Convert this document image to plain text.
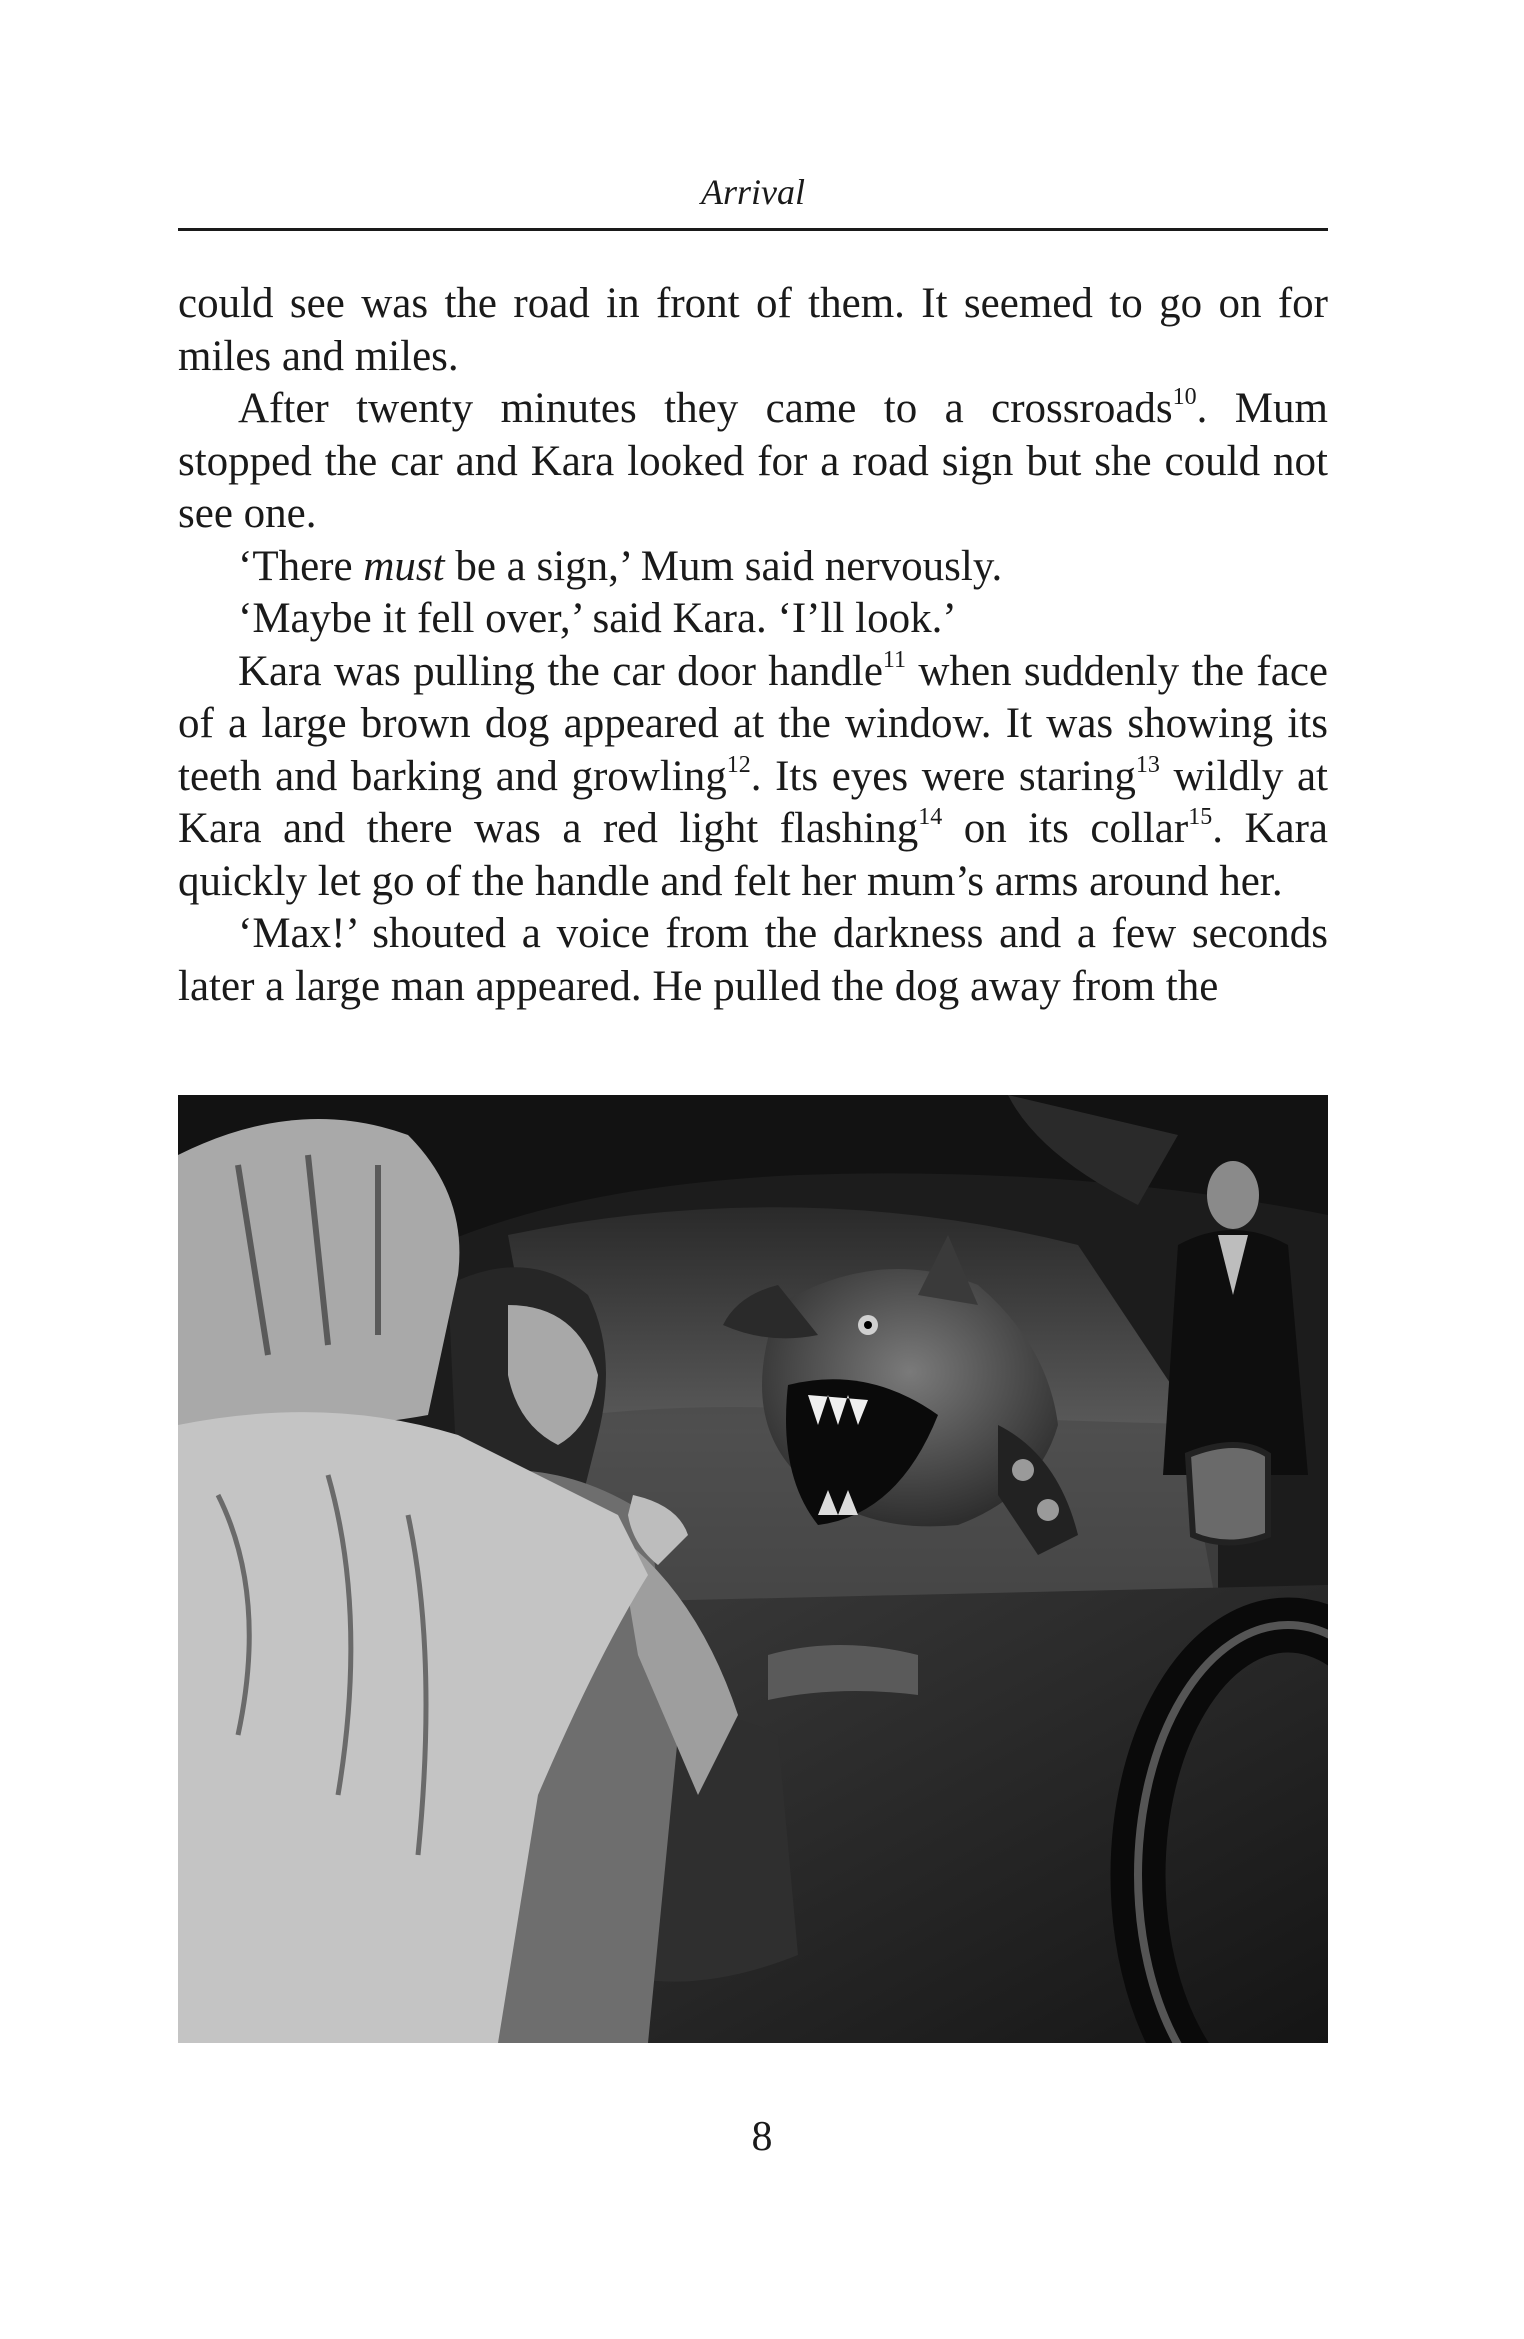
Arrival

could see was the road in front of them. It seemed to go on for miles and miles.

After twenty minutes they came to a crossroads$^{10}$. Mum stopped the car and Kara looked for a road sign but she could not see one.

‘There must be a sign,’ Mum said nervously.

‘Maybe it fell over,’ said Kara. ‘I’ll look.’

Kara was pulling the car door handle$^{11}$ when suddenly the face of a large brown dog appeared at the window. It was showing its teeth and barking and growling$^{12}$. Its eyes were staring$^{13}$ wildly at Kara and there was a red light flashing$^{14}$ on its collar$^{15}$. Kara quickly let go of the handle and felt her mum’s arms around her.

‘Max!’ shouted a voice from the darkness and a few seconds later a large man appeared. He pulled the dog away from the

8
